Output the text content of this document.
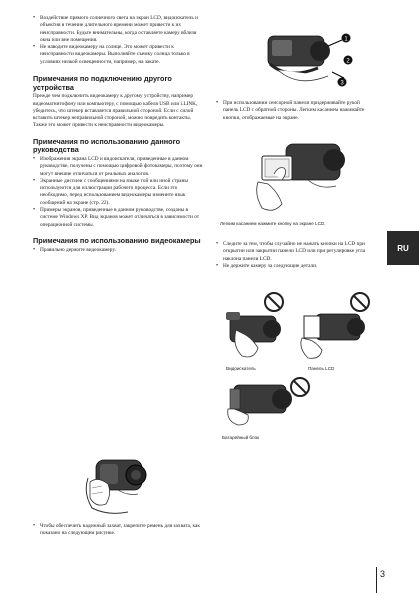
• Воздействие прямого солнечного света на экран LCD, видоискатель и объектив в течение длительного времени может привести к их неисправности. Будьте внимательны, когда оставляете камеру вблизи окна или вне помещения.
• Не наводите видеокамеру на солнце. Это может привести к неисправности видеокамеры. Выполняйте съемку солнца только в условиях низкой освещенности, например, на закате.
Примечания по подключению другого устройства

Прежде чем подключить видеокамеру к другому устройству, например видеомагнитофону или компьютеру, с помощью кабеля USB или i.LINK, убедитесь, что штекер вставляется правильной стороной. Если с силой вставить штекер неправильной стороной, можно повредить контакты. Также это может привести к неисправности видеокамеры.

Примечания по использованию данного руководства
• Изображения экрана LCD и видоискателя, приведенные в данном руководстве, получены с помощью цифровой фотокамеры, поэтому они могут внешне отличаться от реальных аналогов.
• Экранные дисплеи с сообщениями на языке той или иной страны используются для иллюстрации рабочего процесса. Если это необходимо, перед использованием видеокамеры измените язык сообщений на экране (стр. 22).
• Примеры экранов, приведенные в данном руководстве, созданы в системе Windows XP. Вид экранов может отличаться в зависимости от операционной системы.
Примечания по использованию видеокамеры
• Правильно держите видеокамеру.
• Чтобы обеспечить надежный захват, закрепите ремень для захвата, как показано на следующем рисунке.
1
2
3
• При использовании сенсорной панели придерживайте рукой панель LCD с обратной стороны. Легким касанием нажимайте кнопки, отображаемые на экране.

Легким касанием нажмите кнопку на экране LCD.

• Следите за тем, чтобы случайно не нажать кнопки на LCD при открытии или закрытии панели LCD или при регулировке угла наклона панели LCD.
• Не держите камеру за следующие детали.
Видоискатель	Панель LCD
Батарейный блок
RU
3
